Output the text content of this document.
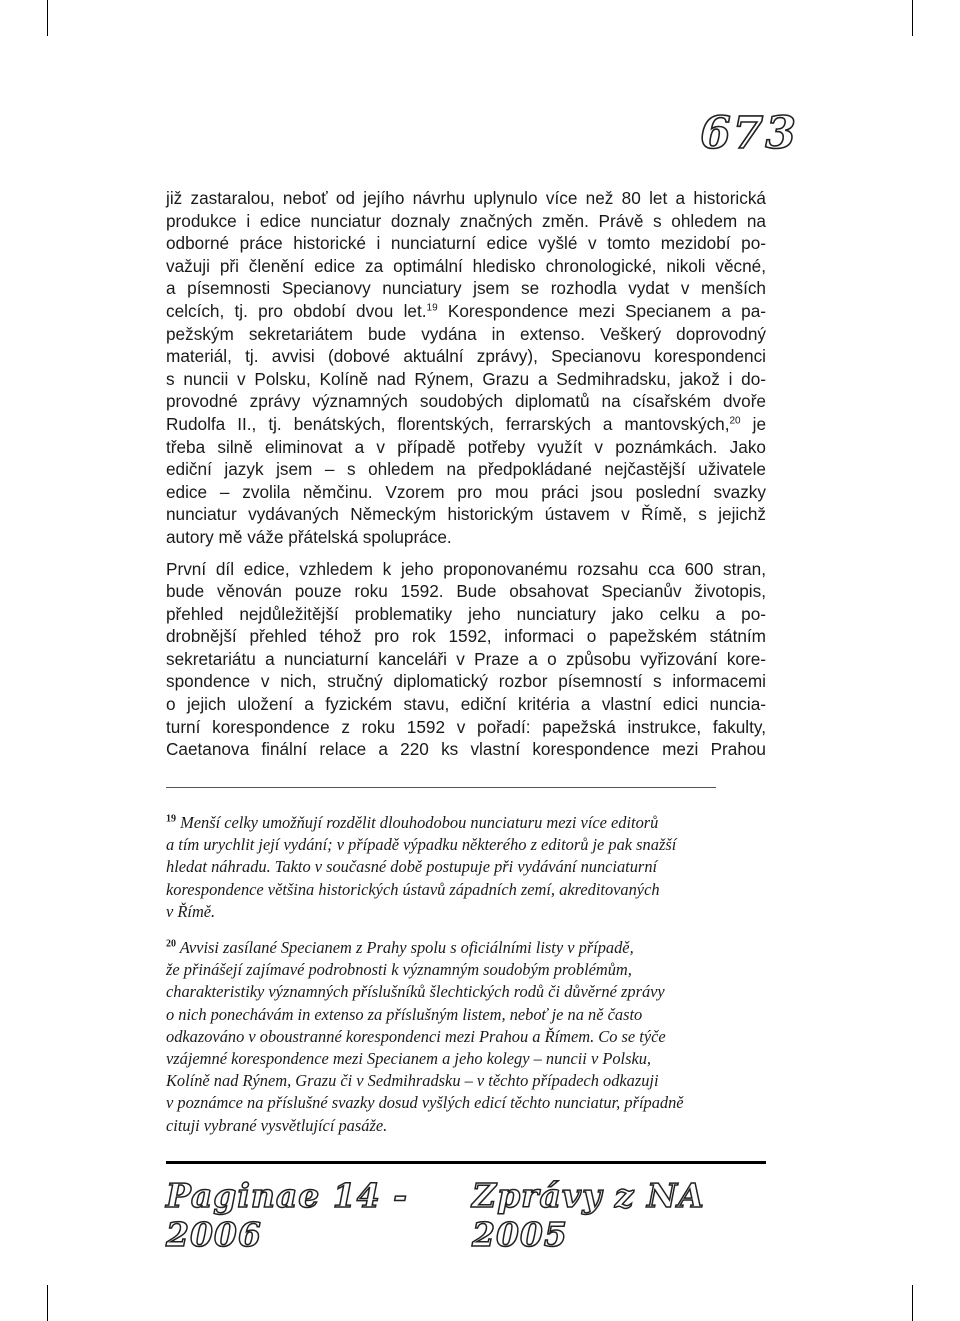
673
již zastaralou, neboť od jejího návrhu uplynulo více než 80 let a historická
produkce i edice nunciatur doznaly značných změn. Právě s ohledem na
odborné práce historické i nunciaturní edice vyšlé v tomto mezidobí po-
važuji při členění edice za optimální hledisko chronologické, nikoli věcné,
a písemnosti Specianovy nunciatury jsem se rozhodla vydat v menších
celcích, tj. pro období dvou let.$^{19}$ Korespondence mezi Specianem a pa-
pežským sekretariátem bude vydána in extenso. Veškerý doprovodný
materiál, tj. avvisi (dobové aktuální zprávy), Specianovu korespondenci
s nuncii v Polsku, Kolíně nad Rýnem, Grazu a Sedmihradsku, jakož i do-
provodné zprávy významných soudobých diplomatů na císařském dvoře
Rudolfa II., tj. benátských, florentských, ferrarských a mantovských,$^{20}$ je
třeba silně eliminovat a v případě potřeby využít v poznámkách. Jako
ediční jazyk jsem – s ohledem na předpokládané nejčastější uživatele
edice – zvolila němčinu. Vzorem pro mou práci jsou poslední svazky
nunciatur vydávaných Německým historickým ústavem v Římě, s jejichž
autory mě váže přátelská spolupráce.
První díl edice, vzhledem k jeho proponovanému rozsahu cca 600 stran,
bude věnován pouze roku 1592. Bude obsahovat Specianův životopis,
přehled nejdůležitější problematiky jeho nunciatury jako celku a po-
drobnější přehled téhož pro rok 1592, informaci o papežském státním
sekretariátu a nunciaturní kanceláři v Praze a o způsobu vyřizování kore-
spondence v nich, stručný diplomatický rozbor písemností s informacemi
o jejich uložení a fyzickém stavu, ediční kritéria a vlastní edici nuncia-
turní korespondence z roku 1592 v pořadí: papežská instrukce, fakulty,
Caetanova finální relace a 220 ks vlastní korespondence mezi Prahou
$^{19}$ Menší celky umožňují rozdělit dlouhodobou nunciaturu mezi více editorů
a tím urychlit její vydání; v případě výpadku některého z editorů je pak snažší
hledat náhradu. Takto v současné době postupuje při vydávání nunciaturní
korespondence většina historických ústavů západních zemí, akreditovaných
v Římě.
$^{20}$ Avvisi zasílané Specianem z Prahy spolu s oficiálními listy v případě,
že přinášejí zajímavé podrobnosti k významným soudobým problémům,
charakteristiky významných příslušníků šlechtických rodů či důvěrné zprávy
o nich ponechávám in extenso za příslušným listem, neboť je na ně často
odkazováno v oboustranné korespondenci mezi Prahou a Římem. Co se týče
vzájemné korespondence mezi Specianem a jeho kolegy – nuncii v Polsku,
Kolíně nad Rýnem, Grazu či v Sedmihradsku – v těchto případech odkazuji
v poznámce na příslušné svazky dosud vyšlých edicí těchto nunciatur, případně
cituji vybrané vysvětlující pasáže.
Paginae 14 - 2006
Zprávy z NA 2005
